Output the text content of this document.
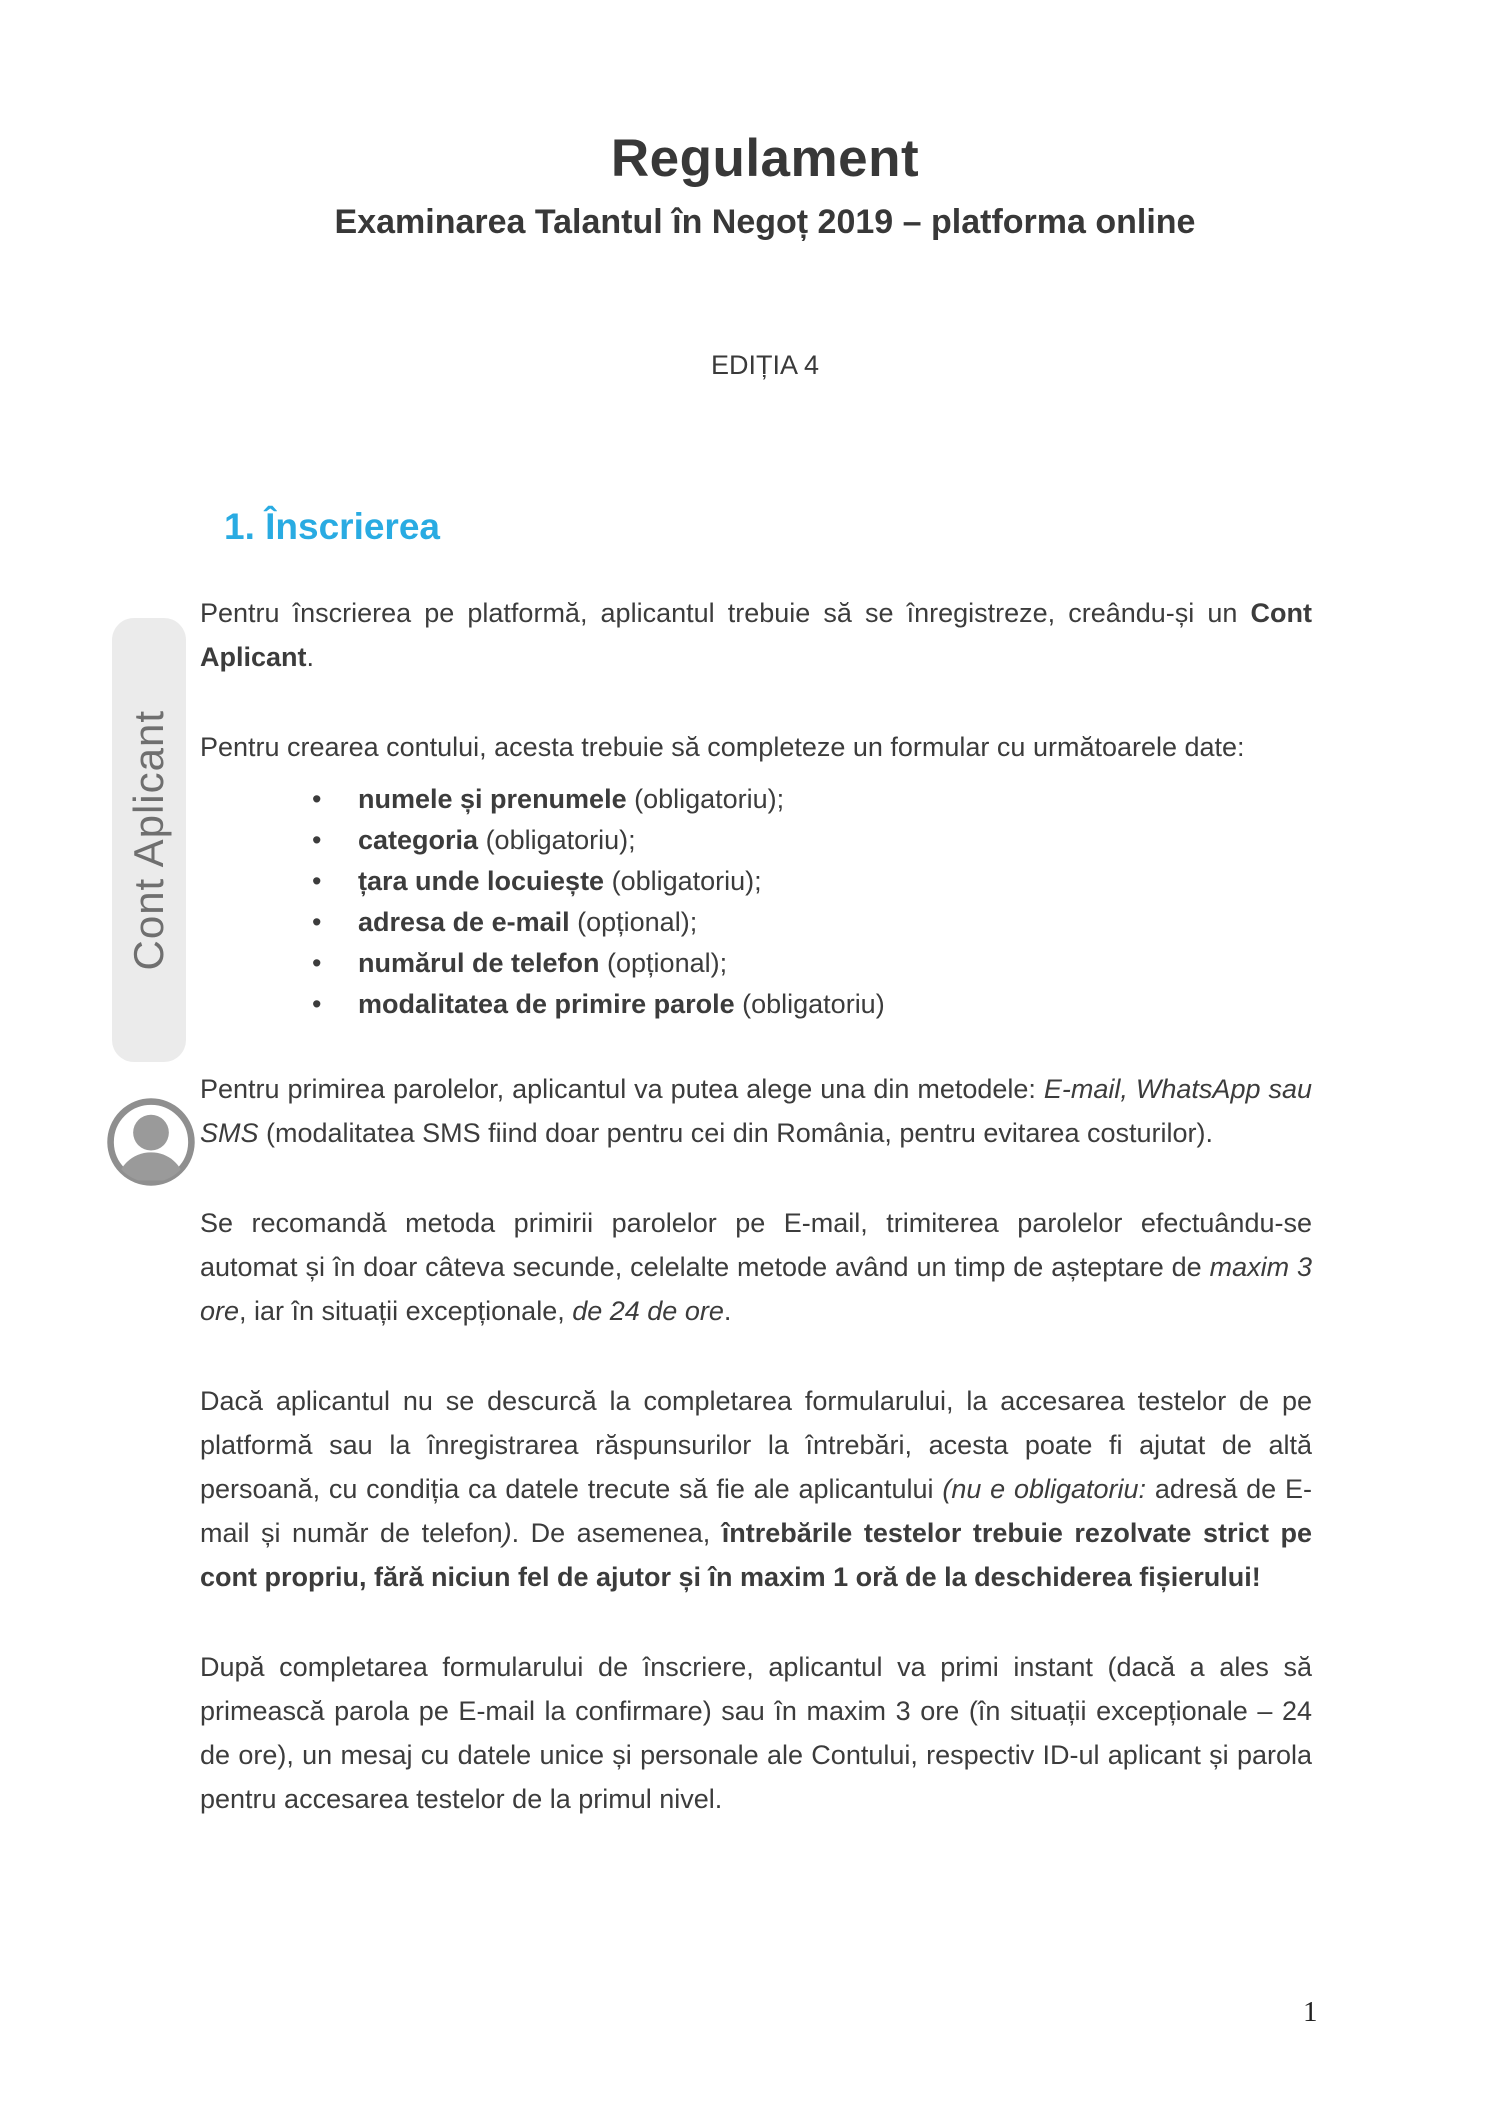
Regulament
Examinarea Talantul în Negoț 2019 – platforma online
EDIȚIA 4
Cont Aplicant
1. Înscrierea

Pentru înscrierea pe platformă, aplicantul trebuie să se înregistreze, creându-și un Cont Aplicant.

Pentru crearea contului, acesta trebuie să completeze un formular cu următoarele date:

• numele și prenumele (obligatoriu);
• categoria (obligatoriu);
• țara unde locuiește (obligatoriu);
• adresa de e-mail (opțional);
• numărul de telefon (opțional);
• modalitatea de primire parole (obligatoriu)

Pentru primirea parolelor, aplicantul va putea alege una din metodele: E-mail, WhatsApp sau SMS (modalitatea SMS fiind doar pentru cei din România, pentru evitarea costurilor).

Se recomandă metoda primirii parolelor pe E-mail, trimiterea parolelor efectuându-se automat și în doar câteva secunde, celelalte metode având un timp de așteptare de maxim 3 ore, iar în situații excepționale, de 24 de ore.

Dacă aplicantul nu se descurcă la completarea formularului, la accesarea testelor de pe platformă sau la înregistrarea răspunsurilor la întrebări, acesta poate fi ajutat de altă persoană, cu condiția ca datele trecute să fie ale aplicantului (nu e obligatoriu: adresă de E-mail și număr de telefon). De asemenea, întrebările testelor trebuie rezolvate strict pe cont propriu, fără niciun fel de ajutor și în maxim 1 oră de la deschiderea fișierului!

După completarea formularului de înscriere, aplicantul va primi instant (dacă a ales să primească parola pe E-mail la confirmare) sau în maxim 3 ore (în situații excepționale – 24 de ore), un mesaj cu datele unice și personale ale Contului, respectiv ID-ul aplicant și parola pentru accesarea testelor de la primul nivel.

1
